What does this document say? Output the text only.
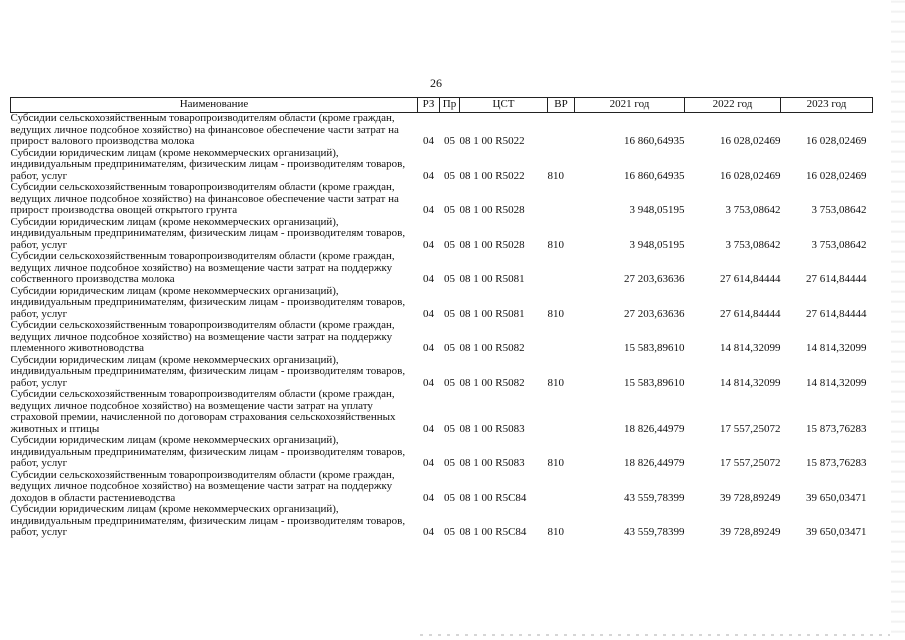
26
Наименование	РЗ	Пр	ЦСТ	ВР	2021 год	2022 год	2023 год
Субсидии сельскохозяйственным товаропроизводителям области (кроме граждан, ведущих личное подсобное хозяйство) на финансовое обеспечение части затрат на прирост валового производства молока	04	05	08 1 00 R5022		16 860,64935	16 028,02469	16 028,02469
Субсидии юридическим лицам (кроме некоммерческих организаций), индивидуальным предпринимателям, физическим лицам - производителям товаров, работ, услуг	04	05	08 1 00 R5022	810	16 860,64935	16 028,02469	16 028,02469
Субсидии сельскохозяйственным товаропроизводителям области (кроме граждан, ведущих личное подсобное хозяйство) на финансовое обеспечение части затрат на прирост производства овощей открытого грунта	04	05	08 1 00 R5028		3 948,05195	3 753,08642	3 753,08642
Субсидии юридическим лицам (кроме некоммерческих организаций), индивидуальным предпринимателям, физическим лицам - производителям товаров, работ, услуг	04	05	08 1 00 R5028	810	3 948,05195	3 753,08642	3 753,08642
Субсидии сельскохозяйственным товаропроизводителям области (кроме граждан, ведущих личное подсобное хозяйство) на возмещение части затрат на поддержку собственного производства молока	04	05	08 1 00 R5081		27 203,63636	27 614,84444	27 614,84444
Субсидии юридическим лицам (кроме некоммерческих организаций), индивидуальным предпринимателям, физическим лицам - производителям товаров, работ, услуг	04	05	08 1 00 R5081	810	27 203,63636	27 614,84444	27 614,84444
Субсидии сельскохозяйственным товаропроизводителям области (кроме граждан, ведущих личное подсобное хозяйство) на возмещение части затрат на поддержку племенного животноводства	04	05	08 1 00 R5082		15 583,89610	14 814,32099	14 814,32099
Субсидии юридическим лицам (кроме некоммерческих организаций), индивидуальным предпринимателям, физическим лицам - производителям товаров, работ, услуг	04	05	08 1 00 R5082	810	15 583,89610	14 814,32099	14 814,32099
Субсидии сельскохозяйственным товаропроизводителям области (кроме граждан, ведущих личное подсобное хозяйство) на возмещение части затрат на уплату страховой премии, начисленной по договорам страхования сельскохозяйственных животных и птицы	04	05	08 1 00 R5083		18 826,44979	17 557,25072	15 873,76283
Субсидии юридическим лицам (кроме некоммерческих организаций), индивидуальным предпринимателям, физическим лицам - производителям товаров, работ, услуг	04	05	08 1 00 R5083	810	18 826,44979	17 557,25072	15 873,76283
Субсидии сельскохозяйственным товаропроизводителям области (кроме граждан, ведущих личное подсобное хозяйство) на возмещение части затрат на поддержку доходов в области растениеводства	04	05	08 1 00 R5C84		43 559,78399	39 728,89249	39 650,03471
Субсидии юридическим лицам (кроме некоммерческих организаций), индивидуальным предпринимателям, физическим лицам - производителям товаров, работ, услуг	04	05	08 1 00 R5C84	810	43 559,78399	39 728,89249	39 650,03471
